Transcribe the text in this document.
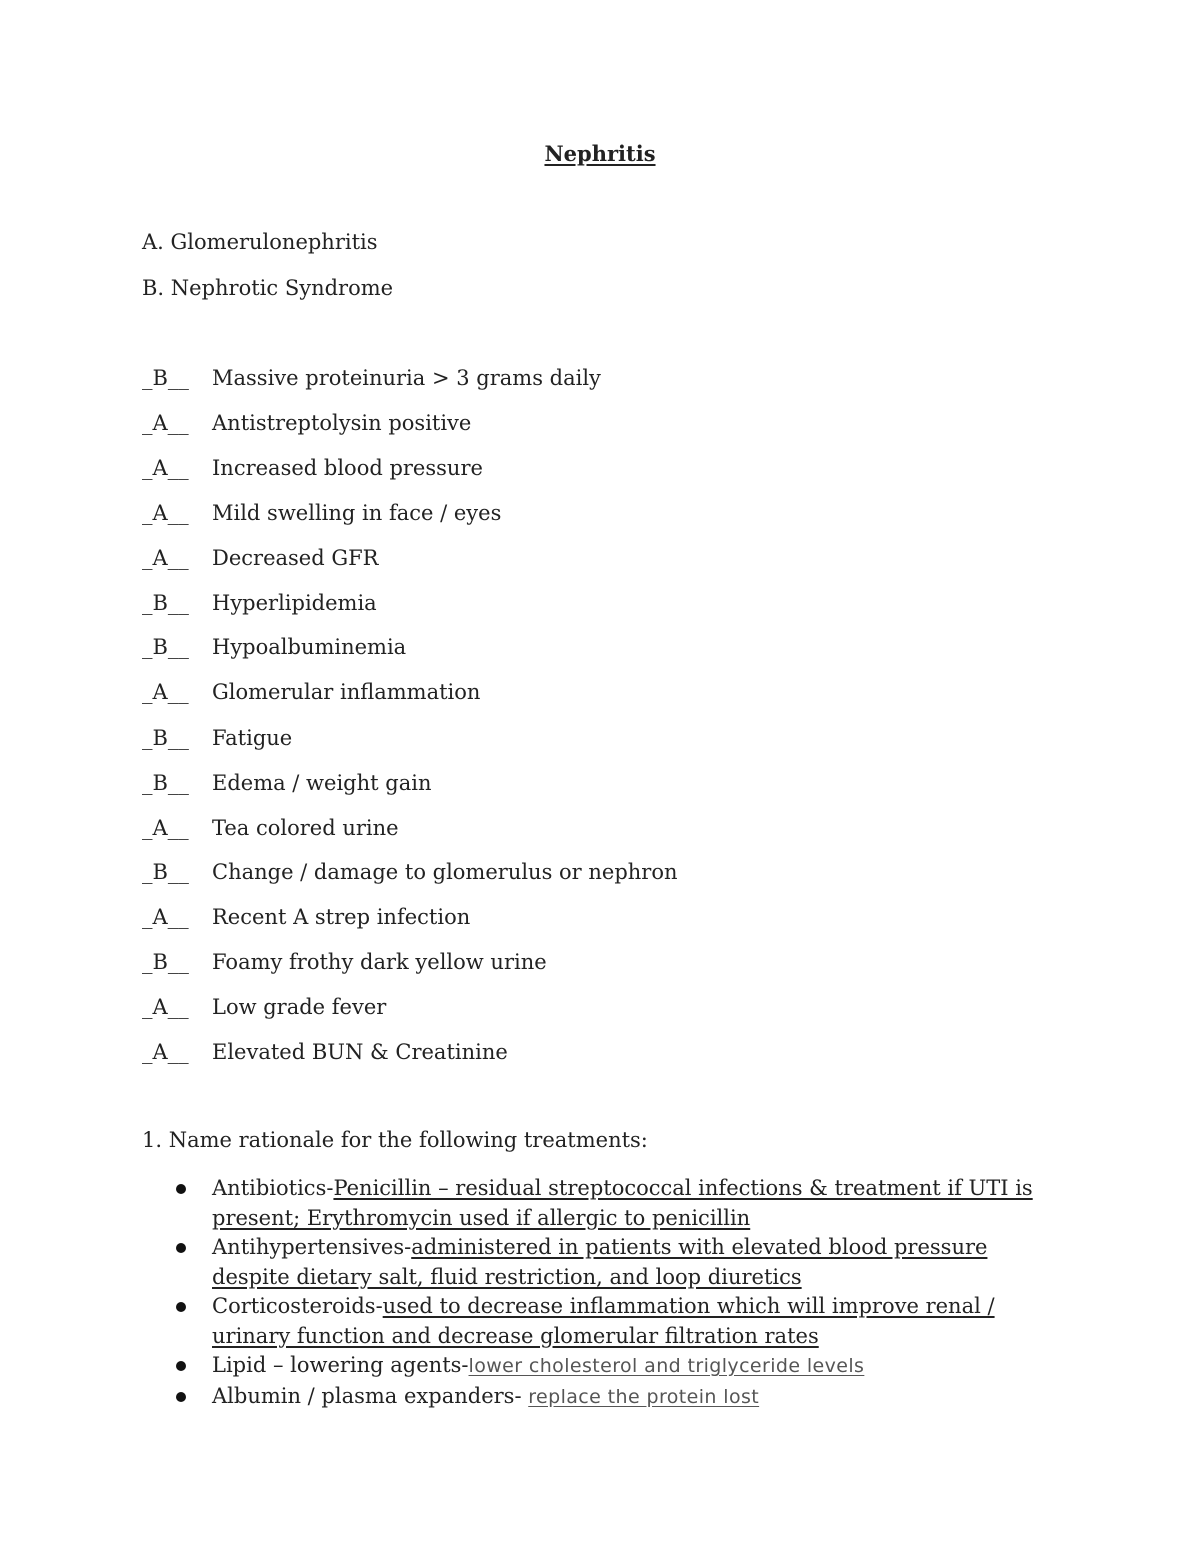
Nephritis
A. Glomerulonephritis
B. Nephrotic Syndrome
_B__ Massive proteinuria > 3 grams daily
_A__ Antistreptolysin positive
_A__ Increased blood pressure
_A__ Mild swelling in face / eyes
_A__ Decreased GFR
_B__ Hyperlipidemia
_B__ Hypoalbuminemia
_A__ Glomerular inflammation
_B__ Fatigue
_B__ Edema / weight gain
_A__ Tea colored urine
_B__ Change / damage to glomerulus or nephron
_A__ Recent A strep infection
_B__ Foamy frothy dark yellow urine
_A__ Low grade fever
_A__ Elevated BUN & Creatinine
1. Name rationale for the following treatments:
Antibiotics-Penicillin – residual streptococcal infections & treatment if UTI is present; Erythromycin used if allergic to penicillin
Antihypertensives-administered in patients with elevated blood pressure despite dietary salt, fluid restriction, and loop diuretics
Corticosteroids-used to decrease inflammation which will improve renal / urinary function and decrease glomerular filtration rates
Lipid – lowering agents-lower cholesterol and triglyceride levels
Albumin / plasma expanders- replace the protein lost
